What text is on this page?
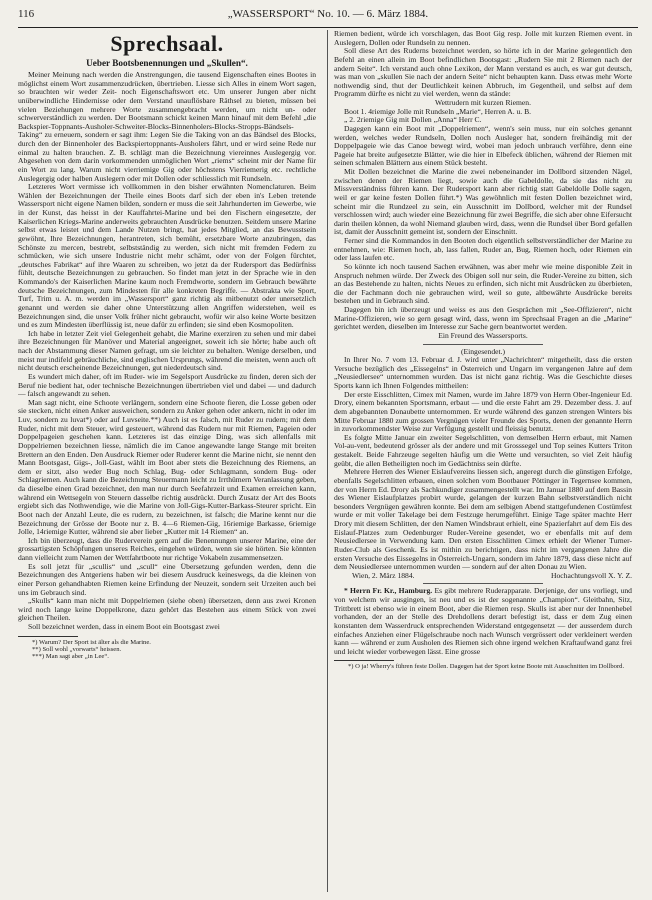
116	„WASSERSPORT“ No. 10. — 6. März 1884.
Sprechsaal.
Ueber Bootsbenennungen und „Skullen“.

Meiner Meinung nach werden die Anstrengungen, die tausend Eigenschaften eines Bootes in möglichst einem Wort zusammenzudrücken, übertrieben. Liesse sich Alles in einem Wort sagen, so brauchten wir weder Zeit- noch Eigenschaftswort etc. Um unserer Jungen aber nicht unüberwindliche Hindernisse oder dem Verstand unauflösbare Räthsel zu bieten, müssen bei vielen Beziehungen mehrere Worte zusammengebracht werden, um nicht un- oder schwerverständlich zu werden. Der Bootsmann schickt keinen Mann hinauf mit dem Befehl „die Backspier-Toppnants-Ausholer-Schweiter-Blocks-Binnenholers-Blocks-Stropps-Bändsels-Taking“ zu erneuern, sondern er sagt ihm: Legen Sie die Taking von an das Bändsel des Blocks, durch den der Binnenholer des Backspiertoppnants-Ausholers fährt, und er wird seine Rede nur einmal zu halten brauchen. Z. B. schlägt man die Bezeichnung viereinnes Auslegergig vor. Abgesehen von dem darin vorkommenden unmöglichen Wort „riems“ scheint mir der Name für ein Wort zu lang. Warum nicht vierriemige Gig oder höchstens Vierriemerig etc. rechtliche Auslegergig oder halben Auslegern oder mit Dollen oder schliesslich mit Rundseln.

Letzteres Wort vermisse ich vollkommen in den bisher erwähnten Nomenclaturen. Beim Wählen der Bezeichnungen der Theile eines Boots darf sich der eben in's Leben tretende Wassersport nicht eigene Namen bilden, sondern er muss die seit Jahrhunderten im Gewerbe, wie in der Kunst, das heisst in der Kauffahrtei-Marine und bei den Fischern eingesetzte, der Kaiserlichen Kriegs-Marine anderweits gebrauchten Ausdrücke benutzen. Seitdem unsere Marine selbst etwas leistet und dem Lande Nutzen bringt, hat jedes Mitglied, an das Bewusstsein gewöhnt, Ihre Bezeichnungen, herantreten, sich bemüht, ersetzbare Worte anzubringen, das Schönste zu mercen, bestrebt, selbstständig zu werden, sich nicht mit fremden Federn zu schmücken, wie sich unsere Industrie nicht mehr schämt, oder von der Folgen fürchtet, „deutsches Fabrikat“ auf ihre Waaren zu schreiben, wo jetzt da der Rudersport das Bedürfniss fühlt, deutsche Bezeichnungen zu gebrauchen. So findet man jetzt in der Sprache wie in den Kommando's der Kaiserlichen Marine kaum noch Fremdworte, sondern im Gebrauch bewährte deutsche Bezeichnungen, zum Mindesten für alle konkreten Begriffe. — Abstrakta wie Sport, Turf, Trim u. A. m. werden im „Wassersport“ ganz richtig als mitbenutzt oder unersetzlich genannt und werden sie daher ohne Unterstützung allen Angriffen widerstehen, weil es Bezeichnungen sind, die unser Volk früher nicht gebraucht, wofür wir also keine Worte besitzen und es zum Mindesten überflüssig ist, neue dafür zu erfinden; sie sind eben Kosmopoliten.

Ich habe in letzter Zeit viel Gelegenheit gehabt, die Marine exerziren zu sehen und mir dabei ihre Bezeichnungen für Manöver und Material angeeignet, soweit ich sie hörte; habe auch oft nach der Abstammung dieser Namen gefragt, um sie leichter zu behalten. Wenige derselben, und meist nur indifeld gebräuchliche, sind englischen Ursprungs, während die meisten, wenn auch oft nicht deutsch erscheinende Bezeichnungen, gut niederdeutsch sind.

Es wundert mich daher, oft im Ruder- wie im Segelsport Ausdrücke zu finden, deren sich der Beruf nie bedient hat, oder technische Bezeichnungen übertrieben viel und dabei — und dadurch — falsch angewandt zu sehen.

Man sagt nicht, eine Schoote verlängern, sondern eine Schoote fieren, die Losse geben oder sie stecken, nicht einen Anker ausweichen, sondern zu Anker gehen oder ankern, nicht in oder im Luv, sondern zu luvat*) oder auf Luvseite.**) Auch ist es falsch, mit Ruder zu rudern; mit dem Ruder, nicht mit dem Steuer, wird gesteuert, während das Rudern nur mit Riemen, Pageien oder Doppelpageien geschehen kann. Letzteres ist das einzige Ding, was sich allenfalls mit Doppelriemen bezeichnen liesse, nämlich die im Canoe angewandte lange Stange mit breiten Brettern an den Enden. Den Ausdruck Riemer oder Ruderer kennt die Marine nicht, sie nennt den Mann Bootsgast, Gigs-, Joll-Gast, wählt im Boot aber stets die Bezeichnung des Riemens, an dem er sitzt, also weder Bug noch Schlag, Bug- oder Schlagmann, sondern Bug- oder Schlagriemen. Auch kann die Bezeichnung Steuermann leicht zu Irrthümern Veranlassung geben, da dieselbe einen Grad bezeichnet, den man nur durch Seefahrzeit und Examen erreichen kann, während ein Wettsegeln von Steuern dasselbe richtig ausdrückt. Durch Zusatz der Art des Boots ergiebt sich das Nothwendige, wie die Marine von Joll-Gigs-Kutter-Barkass-Steurer spricht. Ein Boot nach der Anzahl Leute, die es rudern, zu bezeichnen, ist falsch; die Marine kennt nur die Bezeichnung der Grösse der Boote nur z. B. 4—6 Riemen-Gig, 16riemige Barkasse, 6riemige Jolle, 14riemige Kutter, während sie aber lieber „Kutter mit 14 Riemen“ an.

Ich bin überzeugt, dass die Ruderverein gern auf die Benennungen unserer Marine, eine der grossartigsten Schöpfungen unseres Reiches, eingehen würden, wenn sie sie hörten. Sie könnten dann vielleicht zum Namen der Wettfahrtboote nur richtige Vokabeln zusammensetzen.

Es soll jetzt für „scullis“ und „scull“ eine Übersetzung gefunden werden, denn die Bezeichnungen des Antgeriens haben wir bei diesem Ausdruck keineswegs, da die kleinen von einer Person gehandhabten Riemen keine Erfindung der Neuzeit, sondern seit Urzeiten auch bei uns im Gebrauch sind.

„Skulls“ kann man nicht mit Doppelriemen (siehe oben) übersetzen, denn aus zwei Kronen wird noch lange keine Doppelkrone, dazu gehört das Bestehen aus einem Stück von zwei gleichen Theilen.

Soll bezeichnet werden, dass in einem Boot ein Bootsgast zwei

*) Warum? Der Sport ist älter als die Marine.

**) Soll wohl „vorwarts“ heissen.

***) Man sagt aber „in Lee“.

Riemen bedient, würde ich vorschlagen, das Boot Gig resp. Jolle mit kurzen Riemen event. in Auslegern, Dollen oder Rundseln zu nennen.

Soll diese Art des Ruderns bezeichnet werden, so hörte ich in der Marine gelegentlich den Befehl an einen allein im Boot befindlichen Bootsgast: „Rudern Sie mit 2 Riemen nach der andern Seite“. Ich verstand auch ohne Lexikon, der Mann verstand es auch, es war gut deutsch, was man von „skullen Sie nach der andern Seite“ nicht behaupten kann. Dass etwas mehr Worte nothwendig sind, thut der Deutlichkeit keinen Abbruch, im Gegentheil, und selbst auf dem Programm dürfte es nicht zu viel werden, wenn da stände:

Wettrudern mit kurzen Riemen.

Boot 1. 4riemige Jolle mit Rundseln „Marie“, Herren A. u. B.

„ 2. 2riemige Gig mit Dollen „Anna“ Herr C.

Dagegen kann ein Boot mit „Doppelriemen“, wenn's sein muss, nur ein solches genannt werden, welches weder Rundseln, Dollen noch Ausleger hat, sondern freihändig mit der Doppelpageie wie das Canoe bewegt wird, wobei man jedoch unbrauch verführe, denn eine Pageie hat breite aufgesetzte Blätter, wie die hier in Elbefeck üblichen, während der Riemen mit seinen schmalen Blättern aus einem Stück besteht.

Mit Dollen bezeichnet die Marine die zwei nebeneinander im Dollbord sitzenden Nägel, zwischen denen der Riemen liegt, sowie auch die Gabeldolle, da sie das nicht zu Missverständniss führen kann. Der Rudersport kann aber richtig statt Gabeldolle Dolle sagen, weil er gar keine festen Dollen führt.*) Was gewöhnlich mit festen Dollen bezeichnet wird, scheint mir die Rundzeel zu sein, ein Ausschnitt im Dollbord, welcher mit der Rundsel verschlossen wird; auch wieder eine Bezeichnung für zwei Begriffe, die sich aber ohne Eifersucht darin theilen können, da wohl Niemand glauben wird, dass, wenn die Rundsel über Bord gefallen ist, damit der Ausschnitt gemeint ist, sondern der Einschnitt.

Ferner sind die Kommandos in den Booten doch eigentlich selbstverständlicher der Marine zu entnehmen, wie: Riemen hoch, ab, lass fallen, Ruder an, Bug, Riemen hoch, oder Riemen ein oder lass laufen etc.

So könnte ich noch tausend Sachen erwähnen, was aber mehr wie meine disponible Zeit in Anspruch nehmen würde. Der Zweck des Obigen soll nur sein, die Ruder-Vereine zu bitten, sich an das Bestehende zu halten, nichts Neues zu erfinden, sich nicht mit Ausdrücken zu überbieten, die der Fachmann doch nie gebrauchen wird, weil so gute, altbewährte Ausdrücke bereits bestehen und in Gebrauch sind.

Dagegen bin ich überzeugt und weiss es aus den Gesprächen mit „See-Offizieren“, nicht Marine-Offizieren, wie so gern gesagt wird, dass, wenn im Sprechsaal Fragen an die „Marine“ gerichtet werden, dieselben im Interesse zur Sache gern beantwortet werden.

Ein Freund des Wassersports.

(Eingesendet.)

In Ihrer No. 7 vom 13. Februar d. J. wird unter „Nachrichten“ mitgetheilt, dass die ersten Versuche bezüglich des „Eissegelns“ in Österreich und Ungarn im vergangenen Jahre auf dem „Neusiedlersee“ unternommen wurden. Das ist nicht ganz richtig. Was die Geschichte dieses Sports kann ich Ihnen Folgendes mittheilen:

Der erste Eisschlitten, Cimex mit Namen, wurde im Jahre 1879 von Herrn Ober-Ingenieur Ed. Drory, einem bekannten Sportsmann, erbaut — und die erste Fahrt am 29. Dezember dess. J. auf dem abgebannten Donaubette unternommen. Er wurde während des ganzen strengen Winters bis Mitte Februar 1880 zum grossen Vergnügen vieler Freunde des Sports, denen der genannte Herrn in zuvorkommendster Weise zur Verfügung gestellt und fleissig benutzt.

Es folgte Mitte Januar ein zweiter Segelschlitten, von demselben Herrn erbaut, mit Namen Vol-au-vent, bedeutend grösser als der andere und mit Grosssegel und Top seines Kutters Triton gestakelt. Beide Fahrzeuge segelten häufig um die Wette und versuchten, so viel Zeit häufig geübt, die allen Betheiligten noch im Gedächtniss sein dürfte.

Mehrere Herren des Wiener Eislaufvereins liessen sich, angeregt durch die günstigen Erfolge, ebenfalls Segelschlitten erbauen, einen solchen vom Bootbauer Pöttinger in Tegernsee kommen, der von Herrn Ed. Drory als Sachkundiger zusammengestellt war. Im Januar 1880 auf dem Bassin des Wiener Eislaufplatzes probirt wurde, gelangen der kurzen Bahn selbstverständlich nicht besonders Vergnügen gewähren konnte. Bei dem am selbigen Abend stattgefundenen Costümfest wurde er mit voller Takelage bei dem Festzuge herumgeführt. Einige Tage später machte Herr Drory mit diesem Schlitten, der den Namen Windsbraut erhielt, eine Spazierfahrt auf dem Eis des Eislauf-Platzes zum Oedenburger Ruder-Vereine gesendet, wo er ebenfalls mit auf dem Neusiedlersee in Verwendung kam. Den ersten Eisschlitten Cimex erhielt der Wiener Turner-Ruder-Club als Geschenk. Es ist mithin zu berichtigen, dass nicht im vergangenen Jahre die ersten Versuche des Eissegelns in Österreich-Ungarn, sondern im Jahre 1879, dass diese nicht auf dem Neusiedlersee unternommen wurden — sondern auf der alten Donau zu Wien.

Wien, 2. März 1884.	Hochachtungsvoll X. Y. Z.

* Herrn Fr. Kr., Hamburg. Es gibt mehrere Ruderapparate. Derjenige, der uns vorliegt, und von welchem wir ausgingen, ist neu und es ist der sogenannte „Champion“. Gleitbahn, Sitz, Trittbrett ist ebenso wie in einem Boot, aber die Riemen resp. Skulls ist aber nur der Innenhebel vorhanden, der an der Stelle des Drehdollens derart befestigt ist, dass er dem Zug einen konstanten dem Wasserdruck entsprechenden Widerstand entgegensetzt — der ausserdem durch einfaches Anziehen einer Flügelschraube noch nach Wunsch vergrössert oder verkleinert werden kann — während er zum Ausholen des Riemen sich ohne irgend welchen Kraftaufwand ganz frei und leicht wieder vorbewegen lässt. Eine grosse

*) O ja! Wherry's führen feste Dollen. Dagegen hat der Sport keine Boote mit Ausschnitten im Dollbord.
